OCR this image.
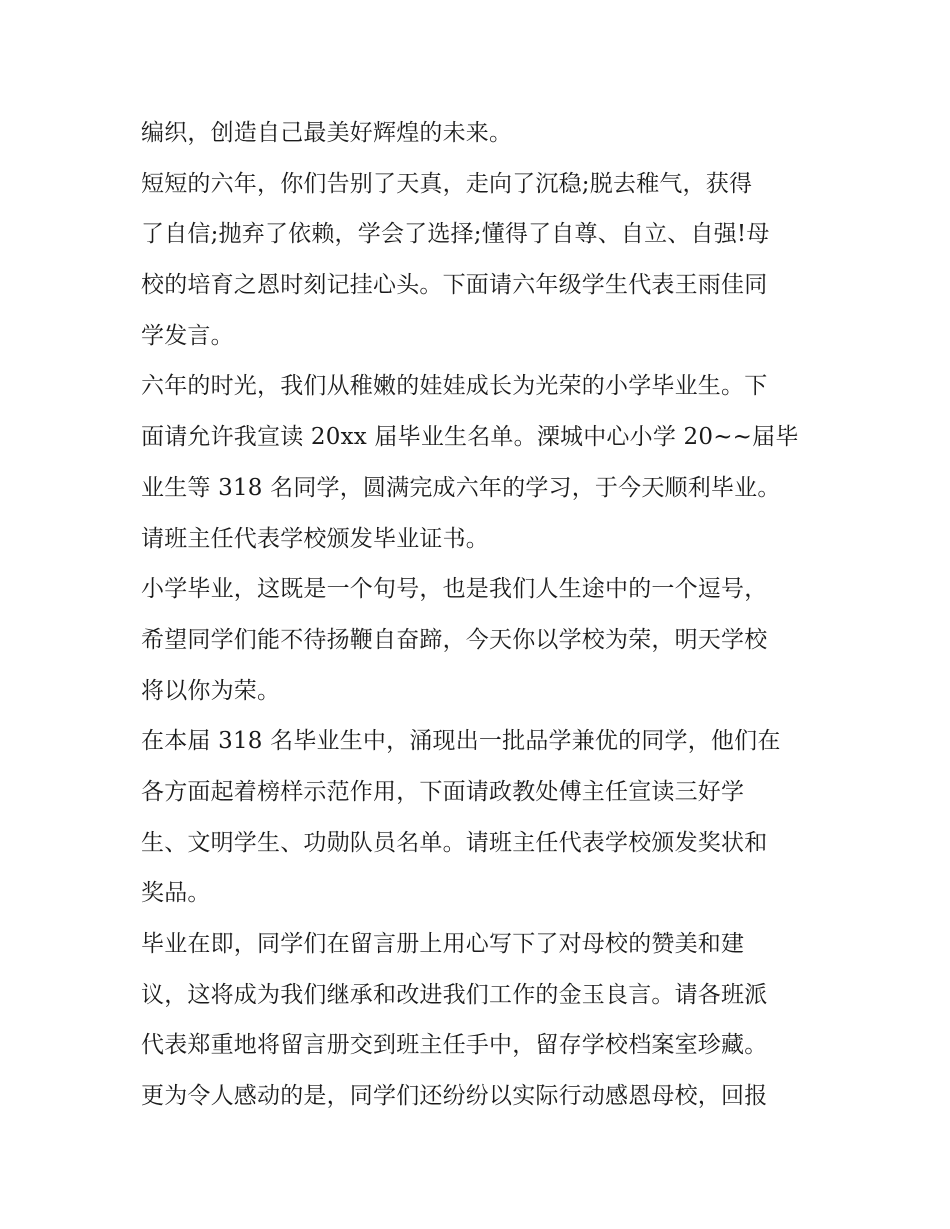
编织，创造自己最美好辉煌的未来。

短短的六年，你们告别了天真，走向了沉稳;脱去稚气，获得
了自信;抛弃了依赖，学会了选择;懂得了自尊、自立、自强!母
校的培育之恩时刻记挂心头。下面请六年级学生代表王雨佳同
学发言。

六年的时光，我们从稚嫩的娃娃成长为光荣的小学毕业生。下
面请允许我宣读 20xx 届毕业生名单。溧城中心小学 20~~届毕
业生等 318 名同学，圆满完成六年的学习，于今天顺利毕业。
请班主任代表学校颁发毕业证书。

小学毕业，这既是一个句号，也是我们人生途中的一个逗号，
希望同学们能不待扬鞭自奋蹄，今天你以学校为荣，明天学校
将以你为荣。

在本届 318 名毕业生中，涌现出一批品学兼优的同学，他们在
各方面起着榜样示范作用，下面请政教处傅主任宣读三好学
生、文明学生、功勋队员名单。请班主任代表学校颁发奖状和
奖品。

毕业在即，同学们在留言册上用心写下了对母校的赞美和建
议，这将成为我们继承和改进我们工作的金玉良言。请各班派
代表郑重地将留言册交到班主任手中，留存学校档案室珍藏。

更为令人感动的是，同学们还纷纷以实际行动感恩母校，回报
